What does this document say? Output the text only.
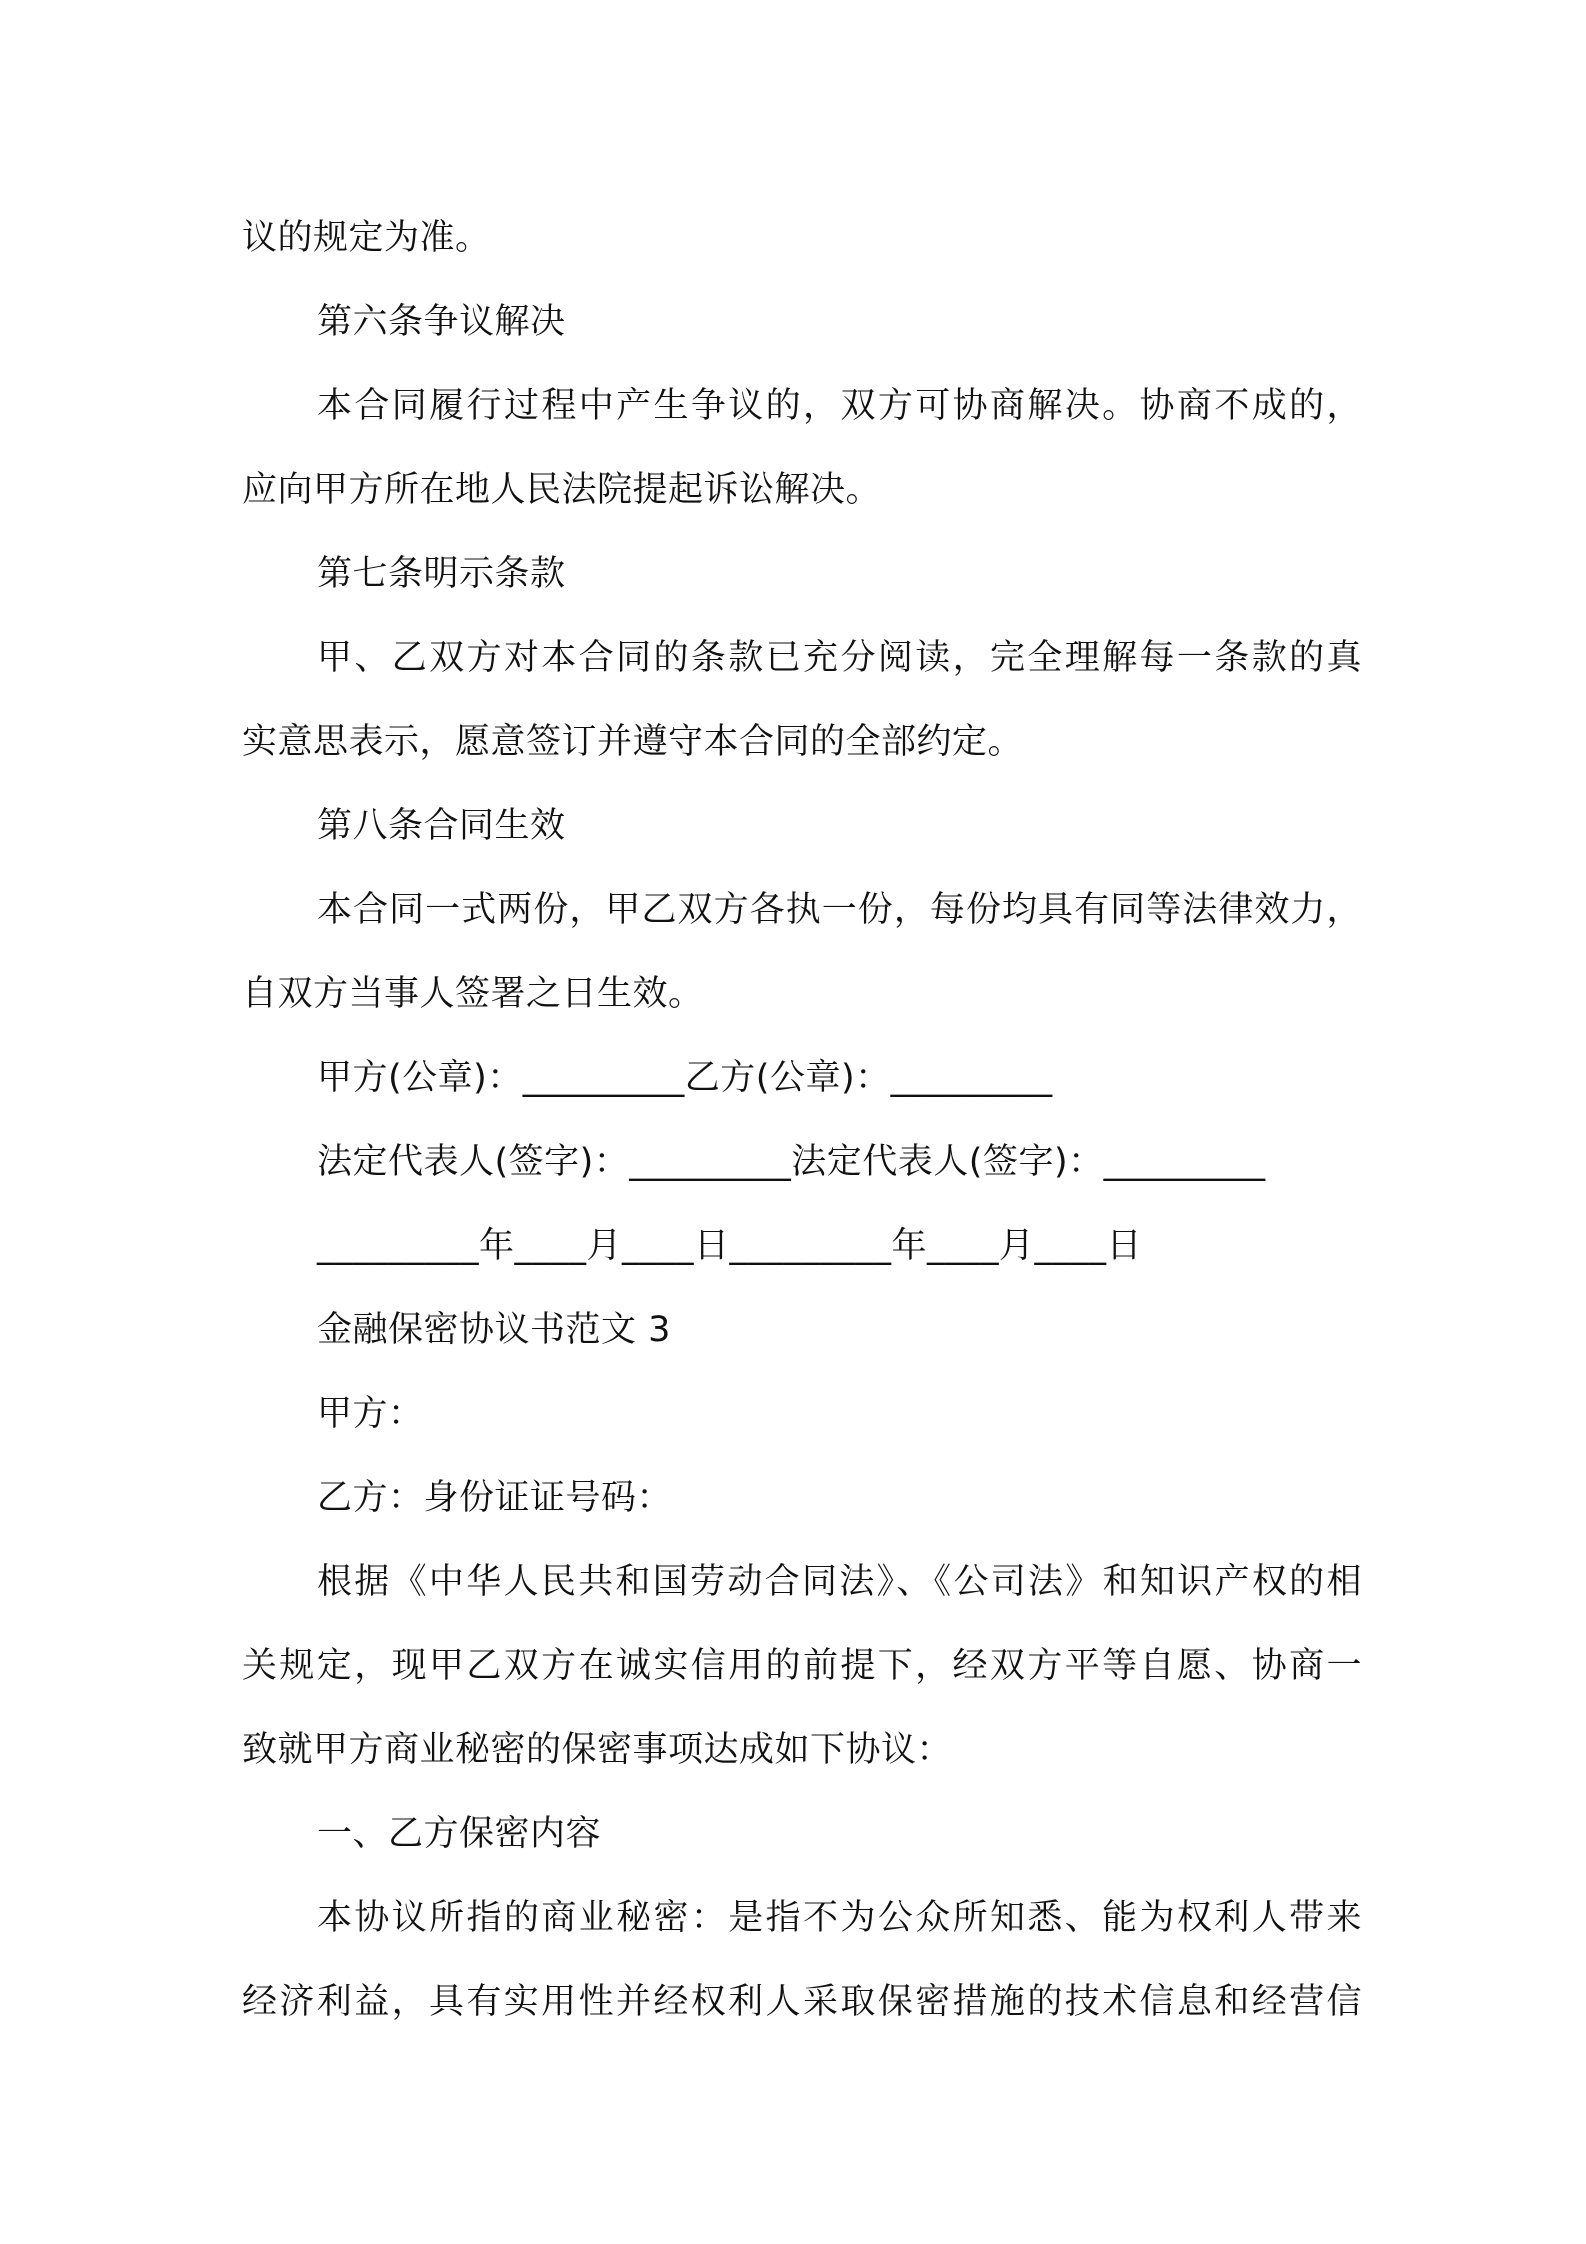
议的规定为准。
第六条争议解决
本合同履行过程中产生争议的，双方可协商解决。协商不成的，
应向甲方所在地人民法院提起诉讼解决。
第七条明示条款
甲、乙双方对本合同的条款已充分阅读，完全理解每一条款的真
实意思表示，愿意签订并遵守本合同的全部约定。
第八条合同生效
本合同一式两份，甲乙双方各执一份，每份均具有同等法律效力，
自双方当事人签署之日生效。
甲方(公章)：_________乙方(公章)：_________
法定代表人(签字)：_________法定代表人(签字)：_________
_________年____月____日_________年____月____日
金融保密协议书范文 3
甲方：
乙方：身份证证号码：
根据《中华人民共和国劳动合同法》、《公司法》和知识产权的相
关规定，现甲乙双方在诚实信用的前提下，经双方平等自愿、协商一
致就甲方商业秘密的保密事项达成如下协议：
一、乙方保密内容
本协议所指的商业秘密：是指不为公众所知悉、能为权利人带来
经济利益，具有实用性并经权利人采取保密措施的技术信息和经营信
